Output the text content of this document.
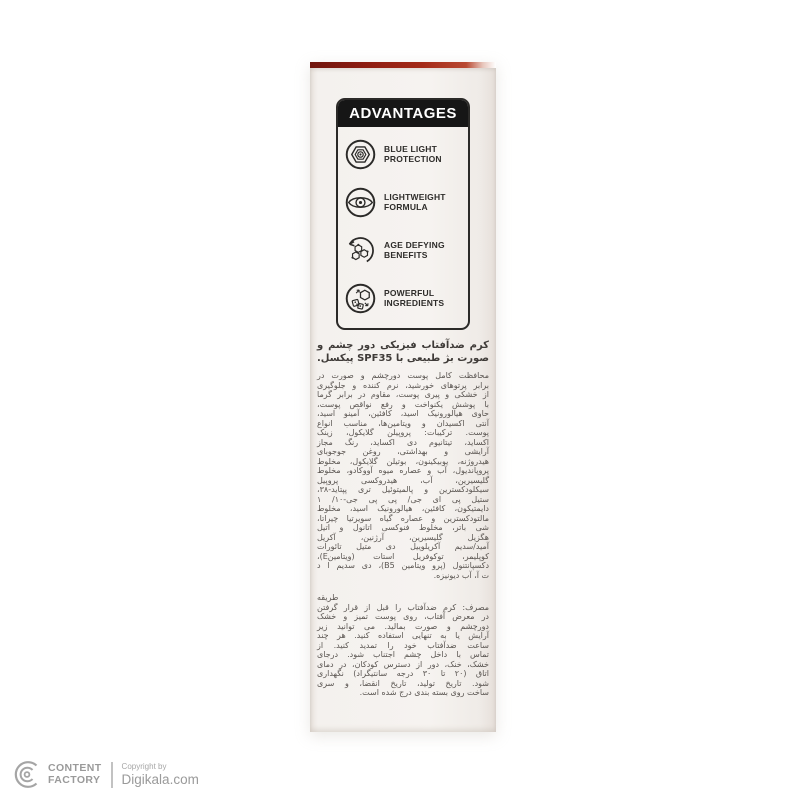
ADVANTAGES
BLUE LIGHT
PROTECTION
LIGHTWEIGHT
FORMULA
AGE DEFYING
BENEFITS
POWERFUL
INGREDIENTS
کرم ضدآفتاب فیزیکی دور چشم و
صورت بژ طبیعی با SPF35 پیکسل.
محافظت کامل پوست دورچشم و صورت در
برابر پرتوهای خورشید، نرم کننده و جلوگیری
از خشکی و پیری پوست، مقاوم در برابر گرما
با پوشش یکنواخت و رفع نواقص پوست،
حاوی هیالورونیک اسید، کافئین، آمینو اسید،
آنتی اکسیدان و ویتامین‌ها، مناسب انواع
پوست. ترکیبات: پروپیلن گلایکول، زینک
اکساید، تیتانیوم دی اکساید، رنگ مجاز
آرایشی و بهداشتی، روغن جوجوبای
هیدروژنه، یوبیکینون، بوتیلن گلایکول، مخلوط
پروپاندیول، آب و عصاره میوه آووکادو، مخلوط
گلیسیرین، آب، هیدروکسی پروپیل
سیکلودکسترین و پالمیتوئیل تری پپتاید-۳۸،
ستیل پی ای جی/ پی پی جی-۱۰/ ۱
دایمتیکون، کافئین، هیالورونیک اسید، مخلوط
مالتودکسترین و عصاره گیاه سویرتیا چیراتا،
شی باتر، مخلوط فنوکسی اتانول و اتیل
هگزیل گلیسیرین، آرژنین، آکریل
آمید/سدیم آکریلوییل دی متیل تائورات
کوپلیمر، توکوفریل استات (ویتامینE)،
دکسپانتنول (پرو ویتامین B5)، دی سدیم ا د
ت آ، آب دیونیزه.
طریقه
مصرف: کرم ضدآفتاب را قبل از قرار گرفتن
در معرض آفتاب، روی پوست تمیز و خشک
دورچشم و صورت بمالید. می توانید زیر
آرایش یا به تنهایی استفاده کنید. هر چند
ساعت ضدآفتاب خود را تمدید کنید. از
تماس با داخل چشم اجتناب شود. درجای
خشک، خنک، دور از دسترس کودکان، در دمای
اتاق (۲۰ تا ۳۰ درجه سانتیگراد) نگهداری
شود. تاریخ تولید، تاریخ انقضا، و سری
ساخت روی بسته بندی درج شده است.
CONTENT
FACTORY
Copyright by
Digikala.com
